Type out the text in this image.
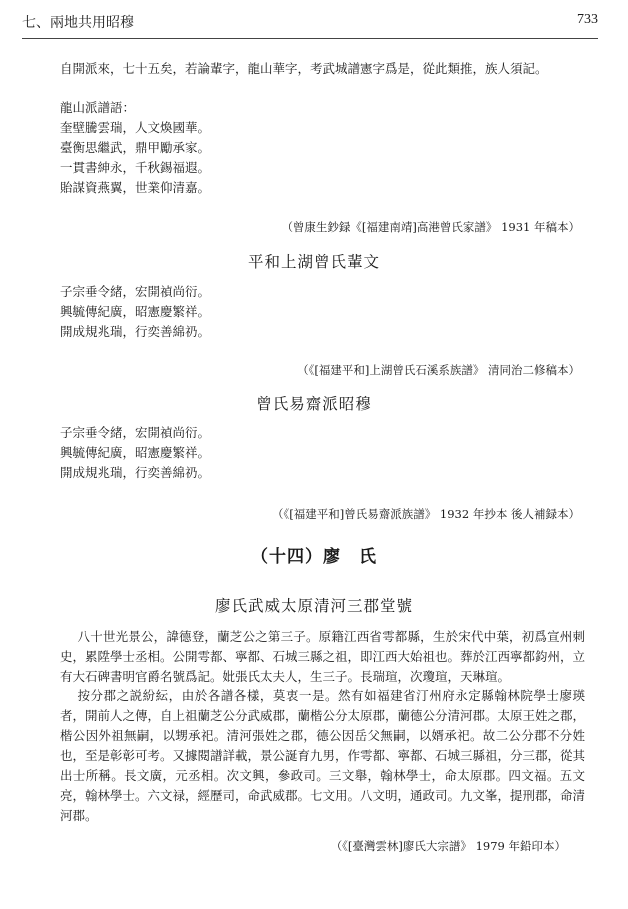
七、兩地共用昭穆	733
自開派來，七十五矣，若論輩字，龍山華字，考武城譜憲字爲是，從此類推，族人須記。
龍山派譜語：
奎壁騰雲瑞，人文煥國華。
臺衡思繼武，鼎甲勵承家。
一貫書紳永，千秋錫福遐。
貽謀資燕翼，世業仰清嘉。
（曾康生鈔録《[福建南靖]高港曾氏家譜》 1931 年稿本）
平和上湖曾氏輩文
子宗垂令緒，宏開禎尚衍。
興毓傳紀廣，昭憲慶繁祥。
開成規兆瑞，行奕善綿礽。
（《[福建平和]上湖曾氏石溪系族譜》 清同治二修稿本）
曾氏易齋派昭穆
子宗垂令緒，宏開禎尚衍。
興毓傳紀廣，昭憲慶繁祥。
開成規兆瑞，行奕善綿礽。
（《[福建平和]曾氏易齋派族譜》 1932 年抄本 後人補録本）
（十四）廖　氏
廖氏武威太原清河三郡堂號

八十世光景公，諱德登，蘭芝公之第三子。原籍江西省雩都縣，生於宋代中葉，初爲宣州刺史，累陞學士丞相。公開雩都、寧都、石城三縣之祖，即江西大始祖也。葬於江西寧都鈞州，立有大石碑書明官爵名號爲記。妣張氏太夫人，生三子。長瑞瑄，次瓊瑄，天琳瑄。

按分郡之説紛紜，由於各譜各樣，莫衷一是。然有如福建省汀州府永定縣翰林院學士廖瑛者，開前人之傳，自上祖蘭芝公分武威郡，蘭楷公分太原郡，蘭德公分清河郡。太原王姓之郡，楷公因外祖無嗣，以甥承祀。清河張姓之郡，德公因岳父無嗣，以婿承祀。故二公分郡不分姓也，至是彰彰可考。又據閱譜詳載，景公誕育九男，作雩都、寧都、石城三縣祖，分三郡，從其出士所稱。長文廣，元丞相。次文興，參政司。三文舉，翰林學士，命太原郡。四文福。五文亮，翰林學士。六文禄，經歷司，命武威郡。七文用。八文明，通政司。九文峯，提刑郡，命清河郡。

（《[臺灣雲林]廖氏大宗譜》 1979 年鉛印本）
